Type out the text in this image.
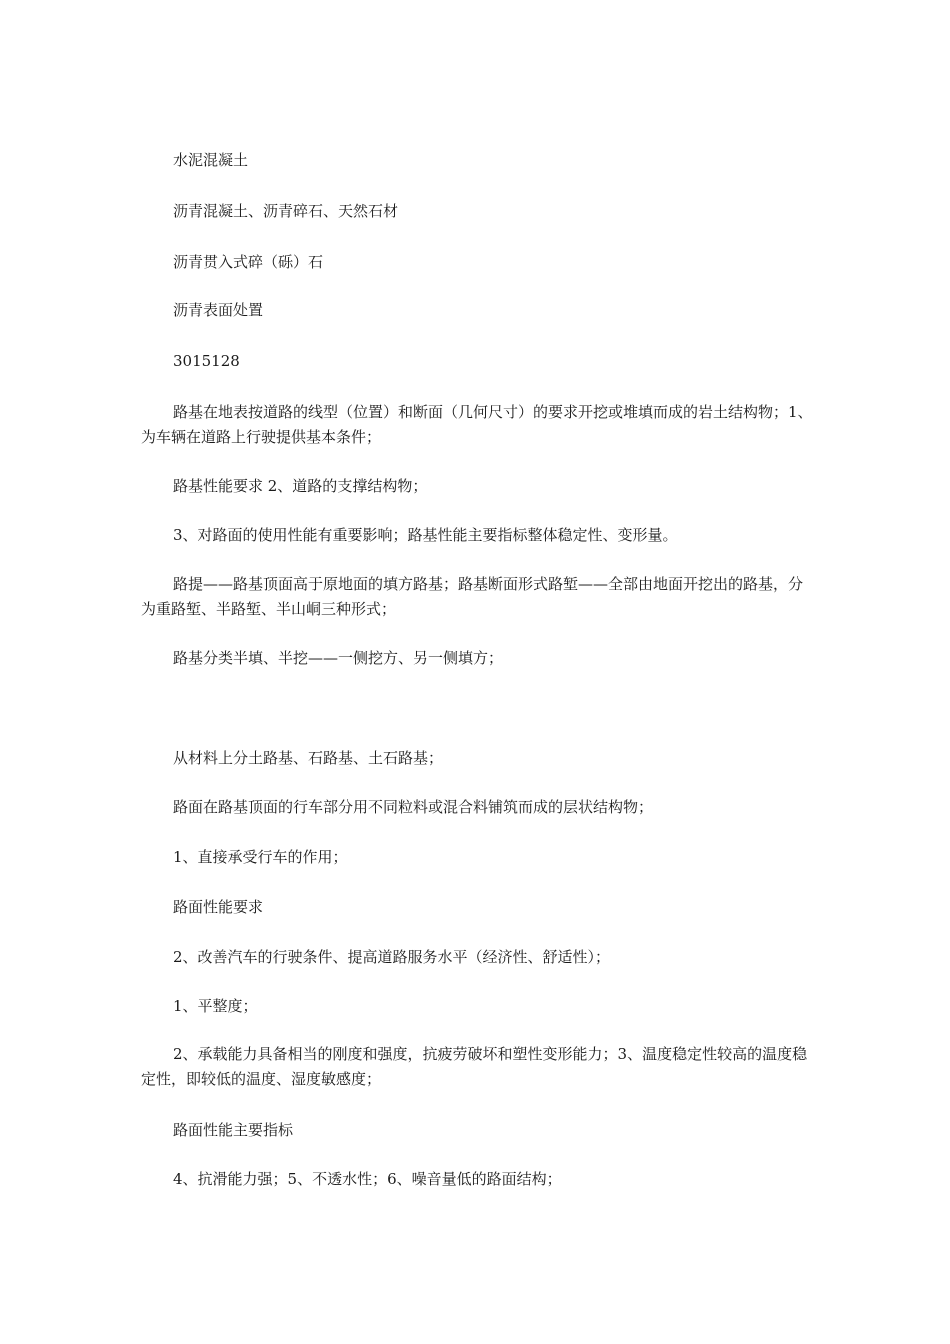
水泥混凝土

沥青混凝土、沥青碎石、天然石材

沥青贯入式碎（砾）石

沥青表面处置

3015128

路基在地表按道路的线型（位置）和断面（几何尺寸）的要求开挖或堆填而成的岩土结构物；1、为车辆在道路上行驶提供基本条件；

路基性能要求 2、道路的支撑结构物；

3、对路面的使用性能有重要影响；路基性能主要指标整体稳定性、变形量。

路提——路基顶面高于原地面的填方路基；路基断面形式路堑——全部由地面开挖出的路基，分为重路堑、半路堑、半山峒三种形式；

路基分类半填、半挖——一侧挖方、另一侧填方；

从材料上分土路基、石路基、土石路基；

路面在路基顶面的行车部分用不同粒料或混合料铺筑而成的层状结构物；

1、直接承受行车的作用；

路面性能要求

2、改善汽车的行驶条件、提高道路服务水平（经济性、舒适性）；

1、平整度；

2、承载能力具备相当的刚度和强度，抗疲劳破坏和塑性变形能力；3、温度稳定性较高的温度稳定性，即较低的温度、湿度敏感度；

路面性能主要指标

4、抗滑能力强；5、不透水性；6、噪音量低的路面结构；
